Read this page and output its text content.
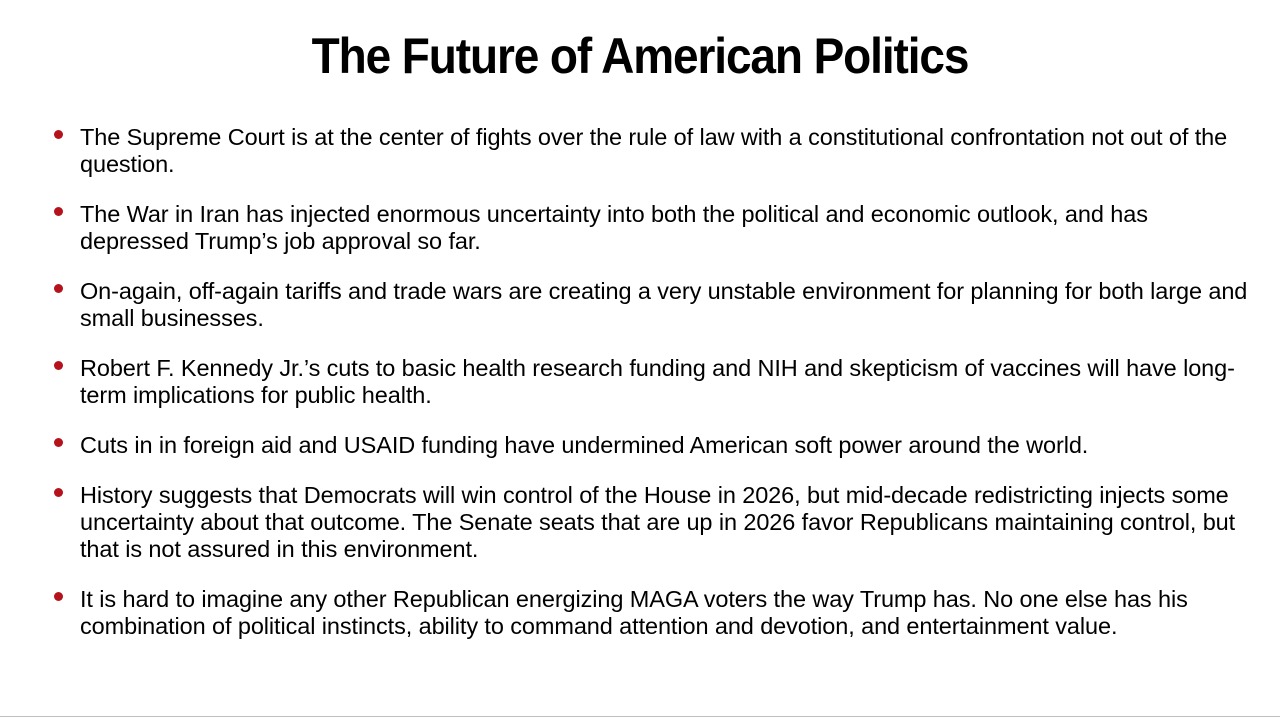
The Future of American Politics
The Supreme Court is at the center of fights over the rule of law with a constitutional confrontation not out of the question.
The War in Iran has injected enormous uncertainty into both the political and economic outlook, and has depressed Trump’s job approval so far.
On-again, off-again tariffs and trade wars are creating a very unstable environment for planning for both large and small businesses.
Robert F. Kennedy Jr.’s cuts to basic health research funding and NIH and skepticism of vaccines will have long-term implications for public health.
Cuts in in foreign aid and USAID funding have undermined American soft power around the world.
History suggests that Democrats will win control of the House in 2026, but mid-decade redistricting injects some uncertainty about that outcome. The Senate seats that are up in 2026 favor Republicans maintaining control, but that is not assured in this environment.
It is hard to imagine any other Republican energizing MAGA voters the way Trump has. No one else has his combination of political instincts, ability to command attention and devotion, and entertainment value.
